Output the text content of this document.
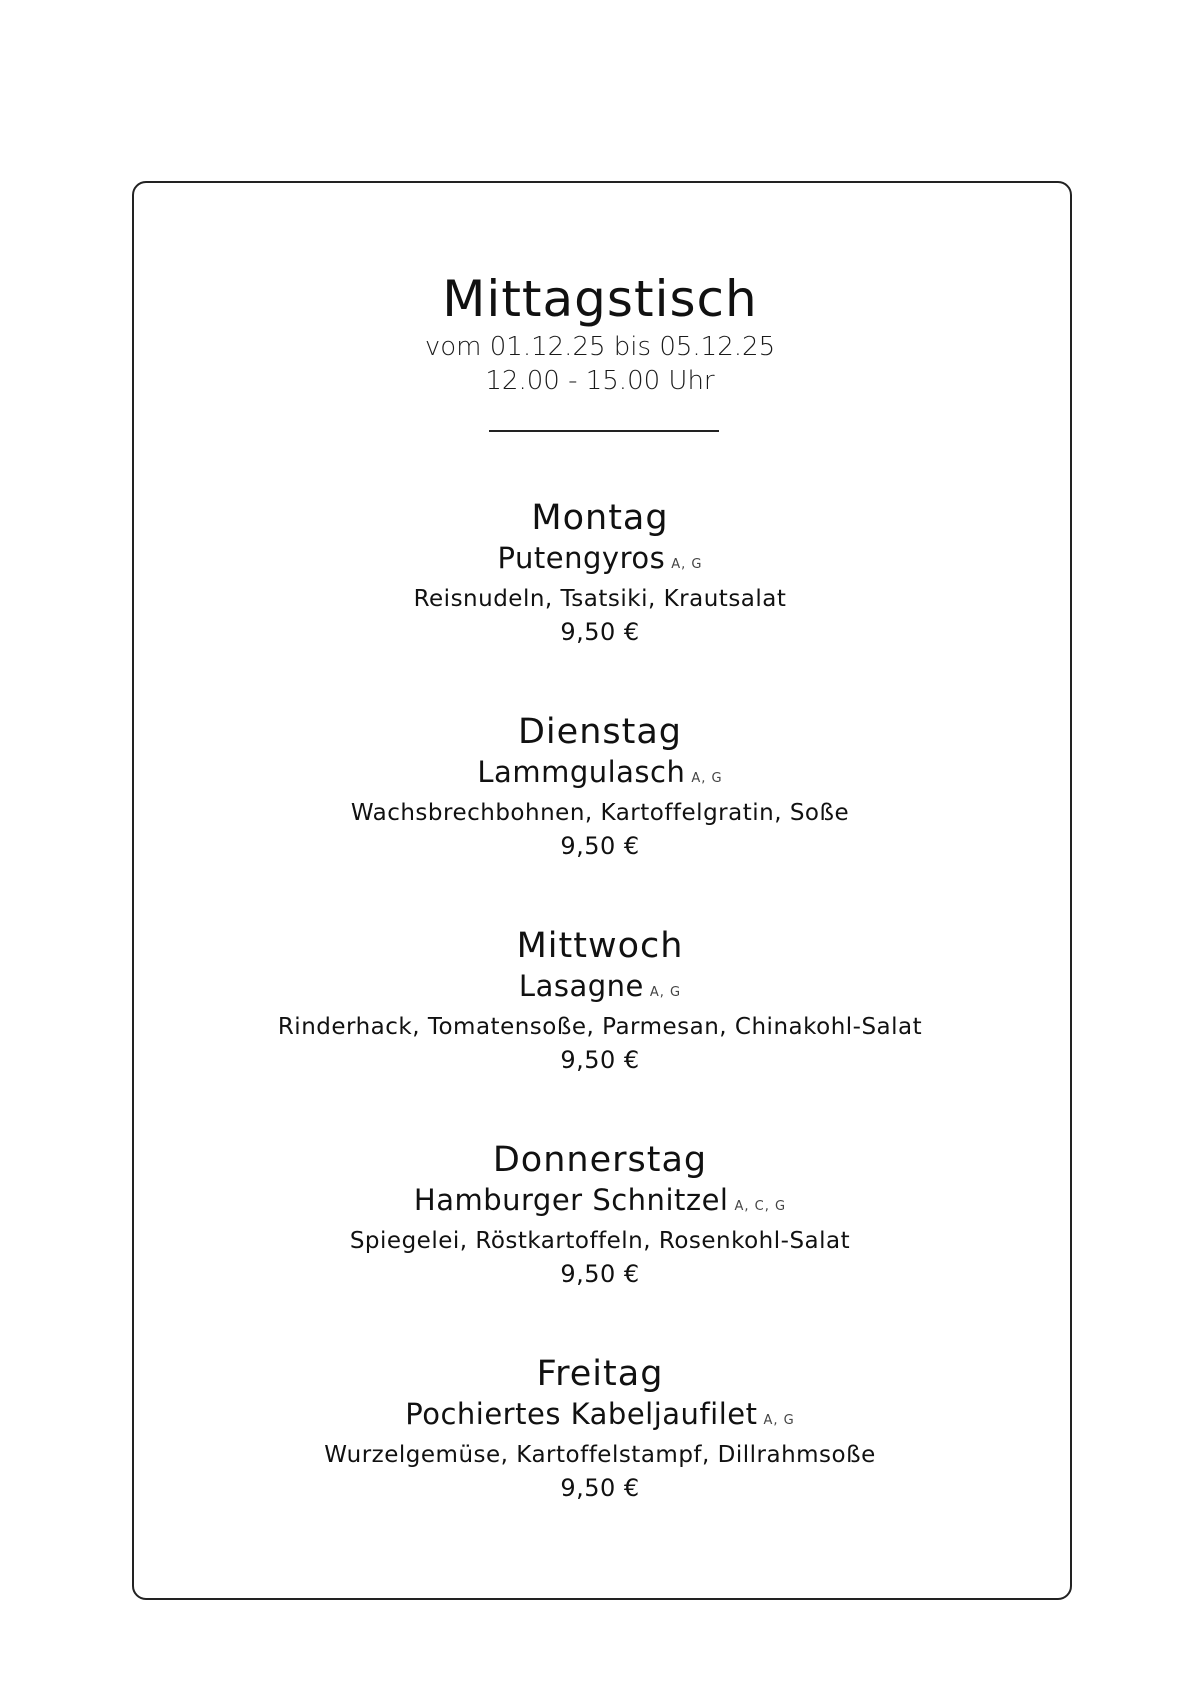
Mittagstisch
vom 01.12.25 bis 05.12.25
12.00 - 15.00 Uhr
Montag
Putengyros A, G
Reisnudeln, Tsatsiki, Krautsalat
9,50 €
Dienstag
Lammgulasch A, G
Wachsbrechbohnen, Kartoffelgratin, Soße
9,50 €
Mittwoch
Lasagne A, G
Rinderhack, Tomatensoße, Parmesan, Chinakohl-Salat
9,50 €
Donnerstag
Hamburger Schnitzel A, C, G
Spiegelei, Röstkartoffeln, Rosenkohl-Salat
9,50 €
Freitag
Pochiertes Kabeljaufilet A, G
Wurzelgemüse, Kartoffelstampf, Dillrahmsoße
9,50 €
